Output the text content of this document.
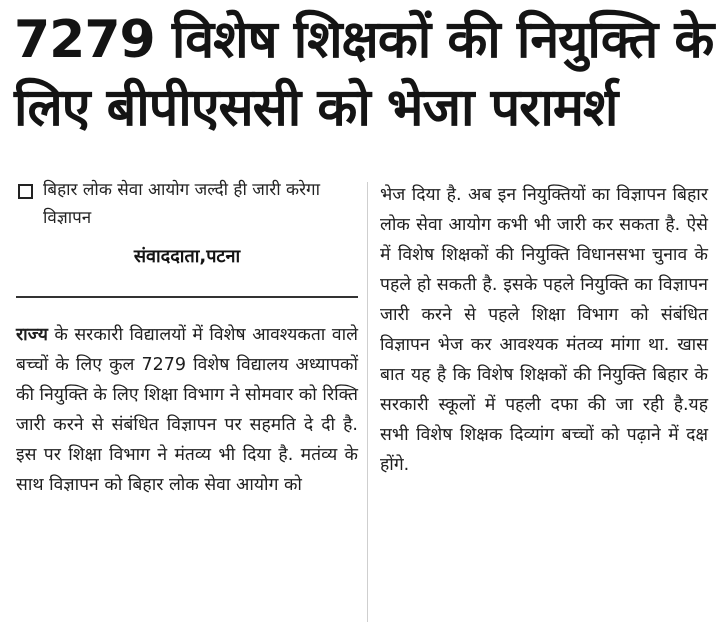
7279 विशेष शिक्षकों की नियुक्ति के
लिए बीपीएससी को भेजा परामर्श
बिहार लोक सेवा आयोग जल्दी ही जारी करेगा विज्ञापन
संवाददाता,पटना
राज्य के सरकारी विद्यालयों में विशेष आवश्यकता वाले बच्चों के लिए कुल 7279 विशेष विद्यालय अध्यापकों की नियुक्ति के लिए शिक्षा विभाग ने सोमवार को रिक्ति जारी करने से संबंधित विज्ञापन पर सहमति दे दी है. इस पर शिक्षा विभाग ने मंतव्य भी दिया है. मतंव्य के साथ विज्ञापन को बिहार लोक सेवा आयोग को
भेज दिया है. अब इन नियुक्तियों का विज्ञापन बिहार लोक सेवा आयोग कभी भी जारी कर सकता है. ऐसे में विशेष शिक्षकों की नियुक्ति विधानसभा चुनाव के पहले हो सकती है. इसके पहले नियुक्ति का विज्ञापन जारी करने से पहले शिक्षा विभाग को संबंधित विज्ञापन भेज कर आवश्यक मंतव्य मांगा था. खास बात यह है कि विशेष शिक्षकों की नियुक्ति बिहार के सरकारी स्कूलों में पहली दफा की जा रही है.यह सभी विशेष शिक्षक दिव्यांग बच्चों को पढ़ाने में दक्ष होंगे.
